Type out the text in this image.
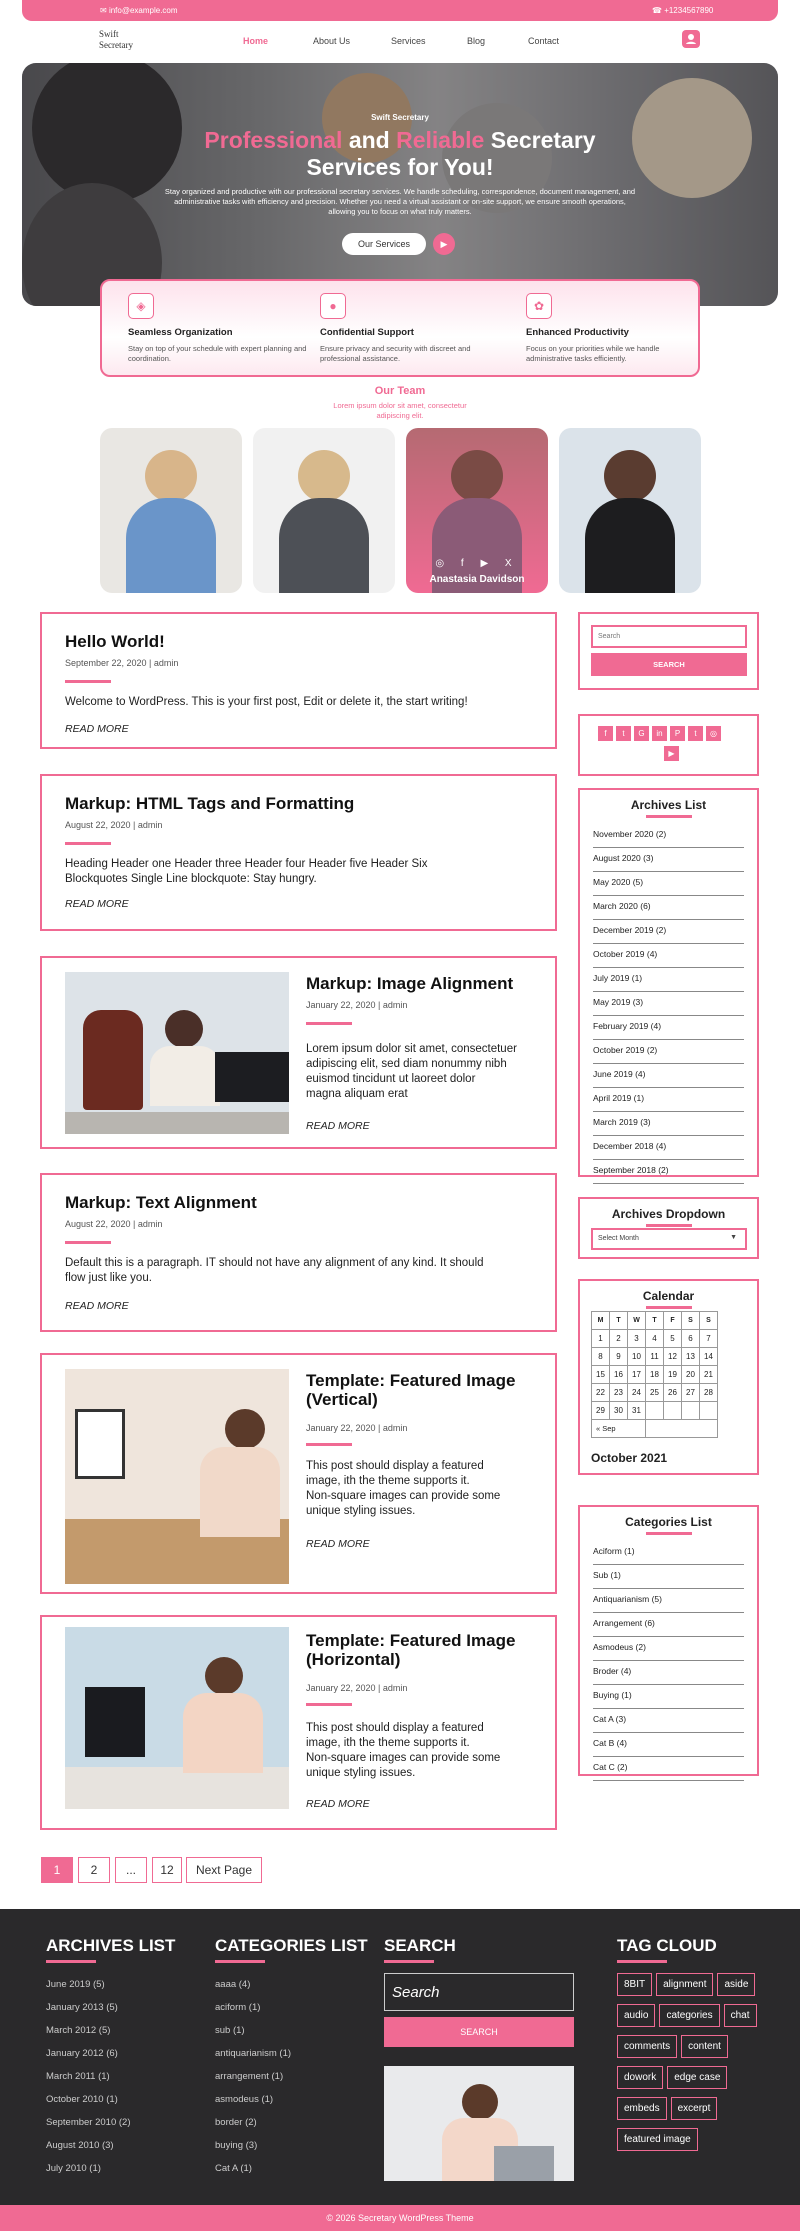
✉ info@example.com	☎ +1234567890
Swift
Secretary	Home	About Us	Services	Blog	Contact
Swift Secretary
Professional and Reliable Secretary
Services for You!
Stay organized and productive with our professional secretary services. We handle scheduling, correspondence, document management, and administrative tasks with efficiency and precision. Whether you need a virtual assistant or on-site support, we ensure smooth operations, allowing you to focus on what truly matters.
Our Services	▶
◈
Seamless Organization
Stay on top of your schedule with expert planning and coordination.
●
Confidential Support
Ensure privacy and security with discreet and professional assistance.
✿
Enhanced Productivity
Focus on your priorities while we handle administrative tasks efficiently.
Our Team
Lorem ipsum dolor sit amet, consectetur
adipiscing elit.
◎ f ▶ X
Anastasia Davidson
Hello World!
September 22, 2020 | admin
Welcome to WordPress. This is your first post, Edit or delete it, the start writing!
READ MORE
Markup: HTML Tags and Formatting
August 22, 2020 | admin
Heading Header one Header three Header four Header five Header Six
Blockquotes Single Line blockquote: Stay hungry.
READ MORE
Markup: Image Alignment
January 22, 2020 | admin
Lorem ipsum dolor sit amet, consectetuer
adipiscing elit, sed diam nonummy nibh
euismod tincidunt ut laoreet dolor
magna aliquam erat
READ MORE
Markup: Text Alignment
August 22, 2020 | admin
Default this is a paragraph. IT should not have any alignment of any kind. It should
flow just like you.
READ MORE
Template: Featured Image
(Vertical)
January 22, 2020 | admin
This post should display a featured
image, ith the theme supports it.
Non-square images can provide some
unique styling issues.
READ MORE
Template: Featured Image
(Horizontal)
January 22, 2020 | admin
This post should display a featured
image, ith the theme supports it.
Non-square images can provide some
unique styling issues.
READ MORE
1	2	...	12	Next Page
Search
SEARCH
f t G in P t ◎
▶
Archives List
November 2020 (2)
August 2020 (3)
May 2020 (5)
March 2020 (6)
December 2019 (2)
October 2019 (4)
July 2019 (1)
May 2019 (3)
February 2019 (4)
October 2019 (2)
June 2019 (4)
April 2019 (1)
March 2019 (3)
December 2018 (4)
September 2018 (2)
Archives Dropdown
Select Month	▼
Calendar
M	T	W	T	F	S	S
1	2	3	4	5	6	7
8	9	10	11	12	13	14
15	16	17	18	19	20	21
22	23	24	25	26	27	28
29	30	31				
« Sep						
October 2021
Categories List
Aciform (1)
Sub (1)
Antiquarianism (5)
Arrangement (6)
Asmodeus (2)
Broder (4)
Buying (1)
Cat A (3)
Cat B (4)
Cat C (2)
ARCHIVES LIST
June 2019 (5)
January 2013 (5)
March 2012 (5)
January 2012 (6)
March 2011 (1)
October 2010 (1)
September 2010 (2)
August 2010 (3)
July 2010 (1)
CATEGORIES LIST
aaaa (4)
aciform (1)
sub (1)
antiquarianism (1)
arrangement (1)
asmodeus (1)
border (2)
buying (3)
Cat A (1)
SEARCH
Search
SEARCH
TAG CLOUD
8BIT alignment asideaudio categories chatcomments contentdowork edge caseembeds excerptfeatured image
© 2026 Secretary WordPress Theme
